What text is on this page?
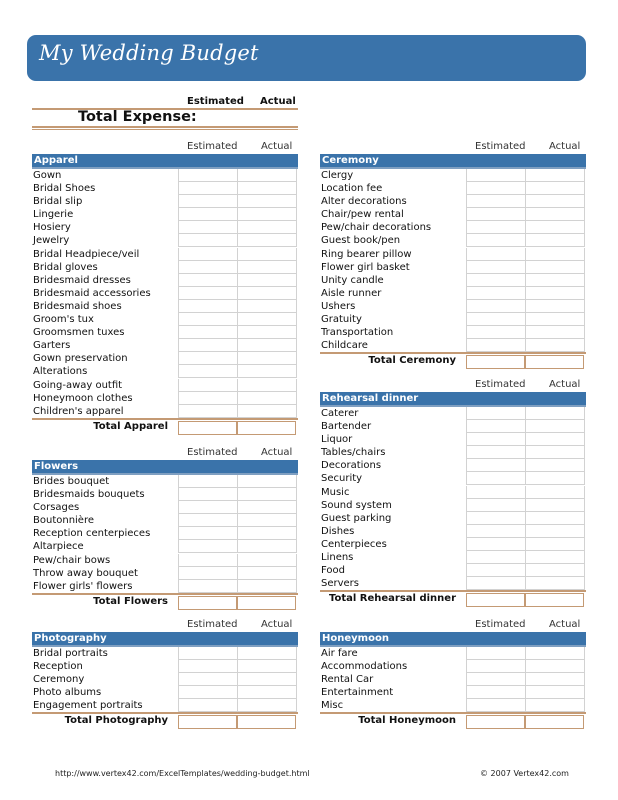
My Wedding Budget
Estimated Actual
Total Expense:
Estimated Actual
Apparel
Gown
Bridal Shoes
Bridal slip
Lingerie
Hosiery
Jewelry
Bridal Headpiece/veil
Bridal gloves
Bridesmaid dresses
Bridesmaid accessories
Bridesmaid shoes
Groom's tux
Groomsmen tuxes
Garters
Gown preservation
Alterations
Going-away outfit
Honeymoon clothes
Children's apparel
Total Apparel
Estimated Actual
Flowers
Brides bouquet
Bridesmaids bouquets
Corsages
Boutonnière
Reception centerpieces
Altarpiece
Pew/chair bows
Throw away bouquet
Flower girls' flowers
Total Flowers
Estimated Actual
Photography
Bridal portraits
Reception
Ceremony
Photo albums
Engagement portraits
Total Photography
Estimated Actual
Ceremony
Clergy
Location fee
Alter decorations
Chair/pew rental
Pew/chair decorations
Guest book/pen
Ring bearer pillow
Flower girl basket
Unity candle
Aisle runner
Ushers
Gratuity
Transportation
Childcare
Total Ceremony
Estimated Actual
Rehearsal dinner
Caterer
Bartender
Liquor
Tables/chairs
Decorations
Security
Music
Sound system
Guest parking
Dishes
Centerpieces
Linens
Food
Servers
Total Rehearsal dinner
Estimated Actual
Honeymoon
Air fare
Accommodations
Rental Car
Entertainment
Misc
Total Honeymoon
http://www.vertex42.com/ExcelTemplates/wedding-budget.html	© 2007 Vertex42.com
